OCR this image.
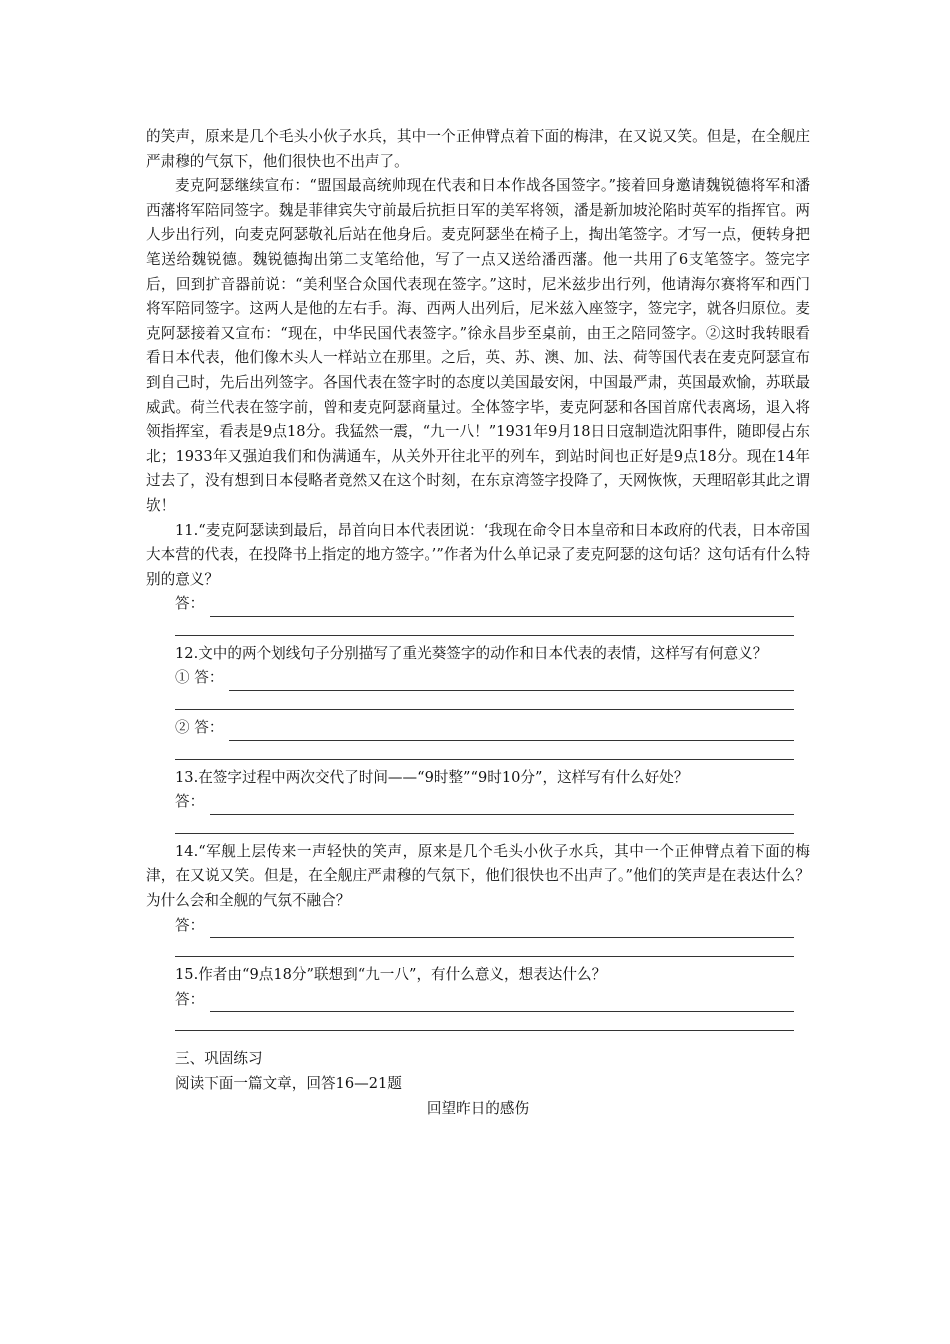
的笑声，原来是几个毛头小伙子水兵，其中一个正伸臂点着下面的梅津，在又说又笑。但是，在全舰庄严肃穆的气氛下，他们很快也不出声了。

麦克阿瑟继续宣布：“盟国最高统帅现在代表和日本作战各国签字。”接着回身邀请魏锐德将军和潘西藩将军陪同签字。魏是菲律宾失守前最后抗拒日军的美军将领，潘是新加坡沦陷时英军的指挥官。两人步出行列，向麦克阿瑟敬礼后站在他身后。麦克阿瑟坐在椅子上，掏出笔签字。才写一点，便转身把笔送给魏锐德。魏锐德掏出第二支笔给他，写了一点又送给潘西藩。他一共用了6支笔签字。签完字后，回到扩音器前说：“美利坚合众国代表现在签字。”这时，尼米兹步出行列，他请海尔赛将军和西门将军陪同签字。这两人是他的左右手。海、西两人出列后，尼米兹入座签字，签完字，就各归原位。麦克阿瑟接着又宣布：“现在，中华民国代表签字。”徐永昌步至桌前，由王之陪同签字。②这时我转眼看看日本代表，他们像木头人一样站立在那里。之后，英、苏、澳、加、法、荷等国代表在麦克阿瑟宣布到自己时，先后出列签字。各国代表在签字时的态度以美国最安闲，中国最严肃，英国最欢愉，苏联最威武。荷兰代表在签字前，曾和麦克阿瑟商量过。全体签字毕，麦克阿瑟和各国首席代表离场，退入将领指挥室，看表是9点18分。我猛然一震，“九一八！”1931年9月18日日寇制造沈阳事件，随即侵占东北；1933年又强迫我们和伪满通车，从关外开往北平的列车，到站时间也正好是9点18分。现在14年过去了，没有想到日本侵略者竟然又在这个时刻，在东京湾签字投降了，天网恢恢，天理昭彰其此之谓欤！

11.“麦克阿瑟读到最后，昂首向日本代表团说：‘我现在命令日本皇帝和日本政府的代表，日本帝国大本营的代表，在投降书上指定的地方签字。’”作者为什么单记录了麦克阿瑟的这句话？这句话有什么特别的意义？

答：

12.文中的两个划线句子分别描写了重光葵签字的动作和日本代表的表情，这样写有何意义？

① 答：
② 答：

13.在签字过程中两次交代了时间——“9时整”“9时10分”，这样写有什么好处？

答：

14.“军舰上层传来一声轻快的笑声，原来是几个毛头小伙子水兵，其中一个正伸臂点着下面的梅津，在又说又笑。但是，在全舰庄严肃穆的气氛下，他们很快也不出声了。”他们的笑声是在表达什么？为什么会和全舰的气氛不融合？

答：

15.作者由“9点18分”联想到“九一八”，有什么意义，想表达什么？

答：

三、巩固练习

阅读下面一篇文章，回答16—21题

回望昨日的感伤
